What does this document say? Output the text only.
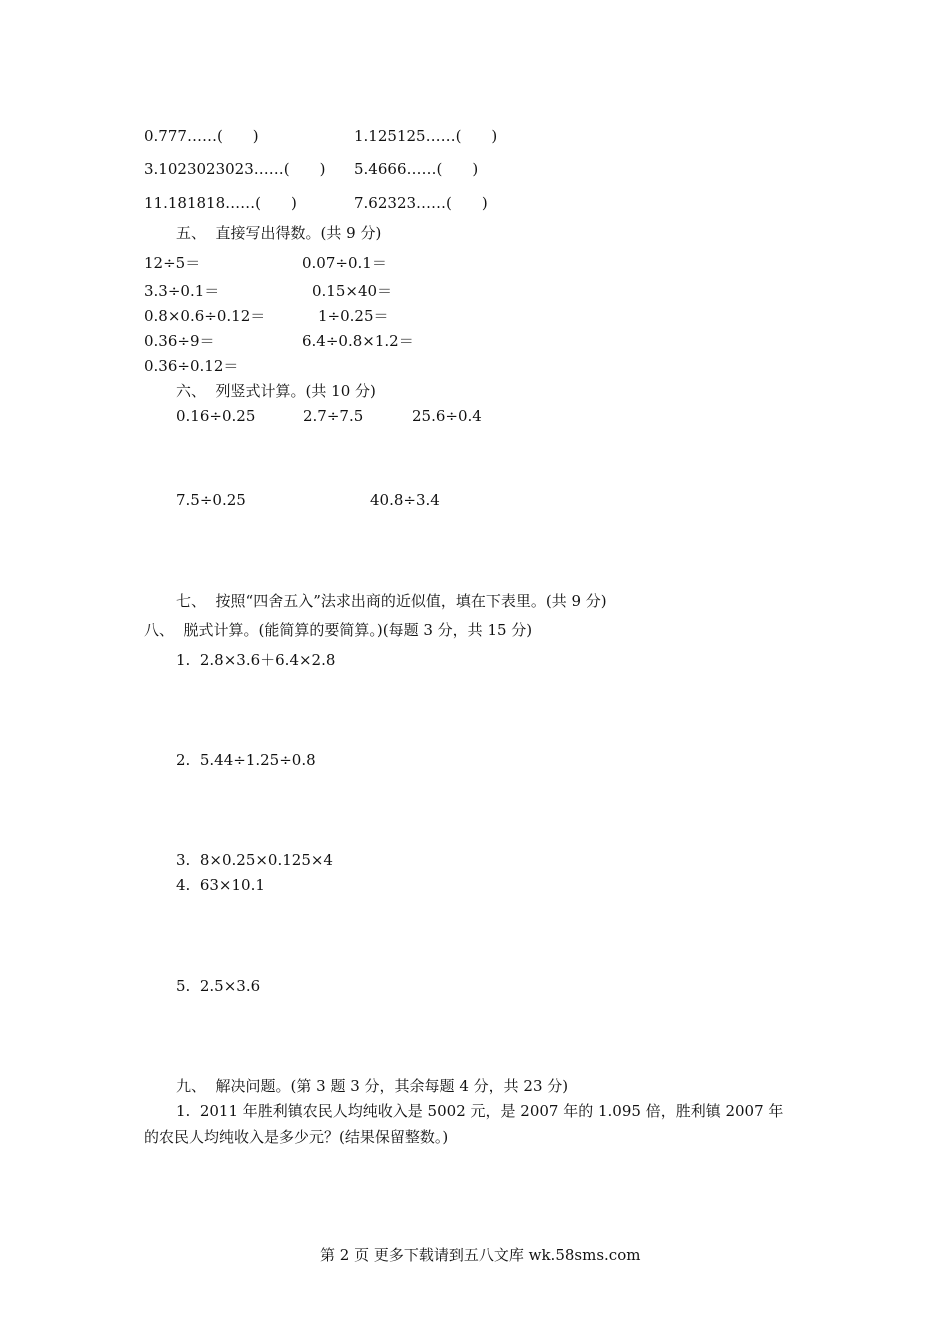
0.777……(　　)	1.125125……(　　)
3.1023023023……(　　) 5.4666……(　　)
11.181818……(　　)	7.62323……(　　)
五、  直接写出得数。(共 9 分)
12÷5＝	0.07÷0.1＝
3.3÷0.1＝	0.15×40＝
0.8×0.6÷0.12＝	1÷0.25＝
0.36÷9＝	6.4÷0.8×1.2＝
0.36÷0.12＝
六、  列竖式计算。(共 10 分)
0.16÷0.25	2.7÷7.5	25.6÷0.4
7.5÷0.25	40.8÷3.4
七、  按照“四舍五入”法求出商的近似值，填在下表里。(共 9 分)
八、  脱式计算。(能简算的要简算。)(每题 3 分，共 15 分)
1.  2.8×3.6＋6.4×2.8
2.  5.44÷1.25÷0.8
3.  8×0.25×0.125×4
4.  63×10.1
5.  2.5×3.6
九、  解决问题。(第 3 题 3 分，其余每题 4 分，共 23 分)
1.  2011 年胜利镇农民人均纯收入是 5002 元，是 2007 年的 1.095 倍，胜利镇 2007 年
的农民人均纯收入是多少元？(结果保留整数。)
第 2 页 更多下载请到五八文库 wk.58sms.com
